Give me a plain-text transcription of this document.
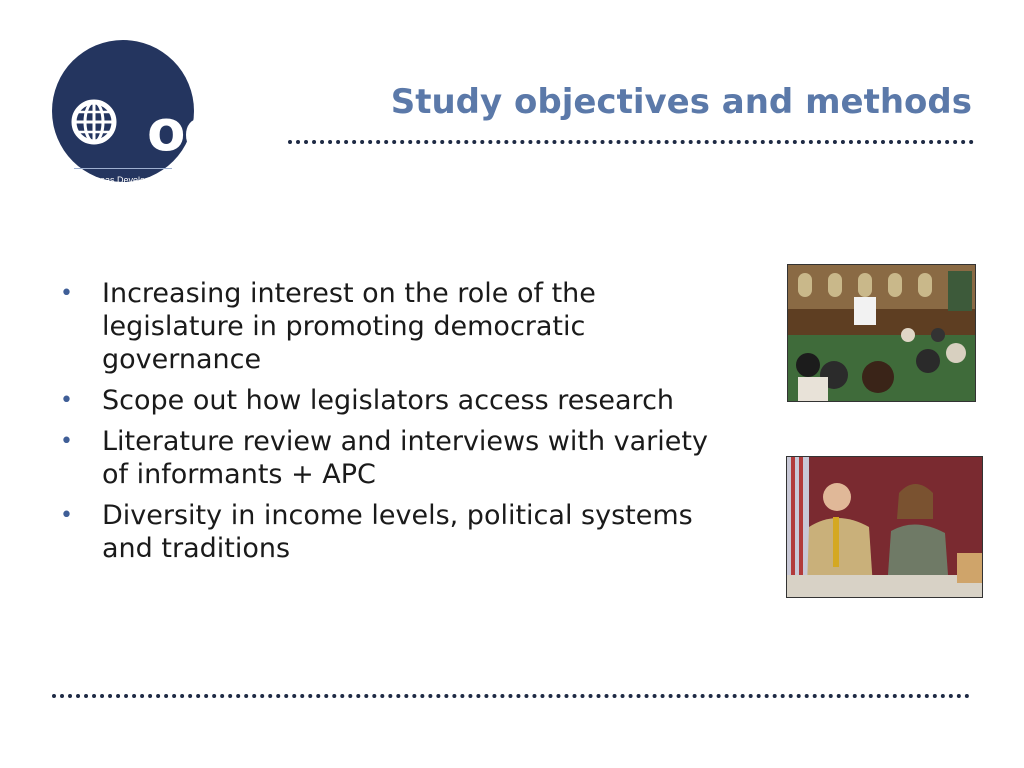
odi
Overseas Development
Institute
Study objectives and methods
• Increasing interest on the role of the legislature in promoting democratic governance
• Scope out how legislators access research
• Literature review and interviews with variety of informants + APC
• Diversity in income levels, political systems and traditions
